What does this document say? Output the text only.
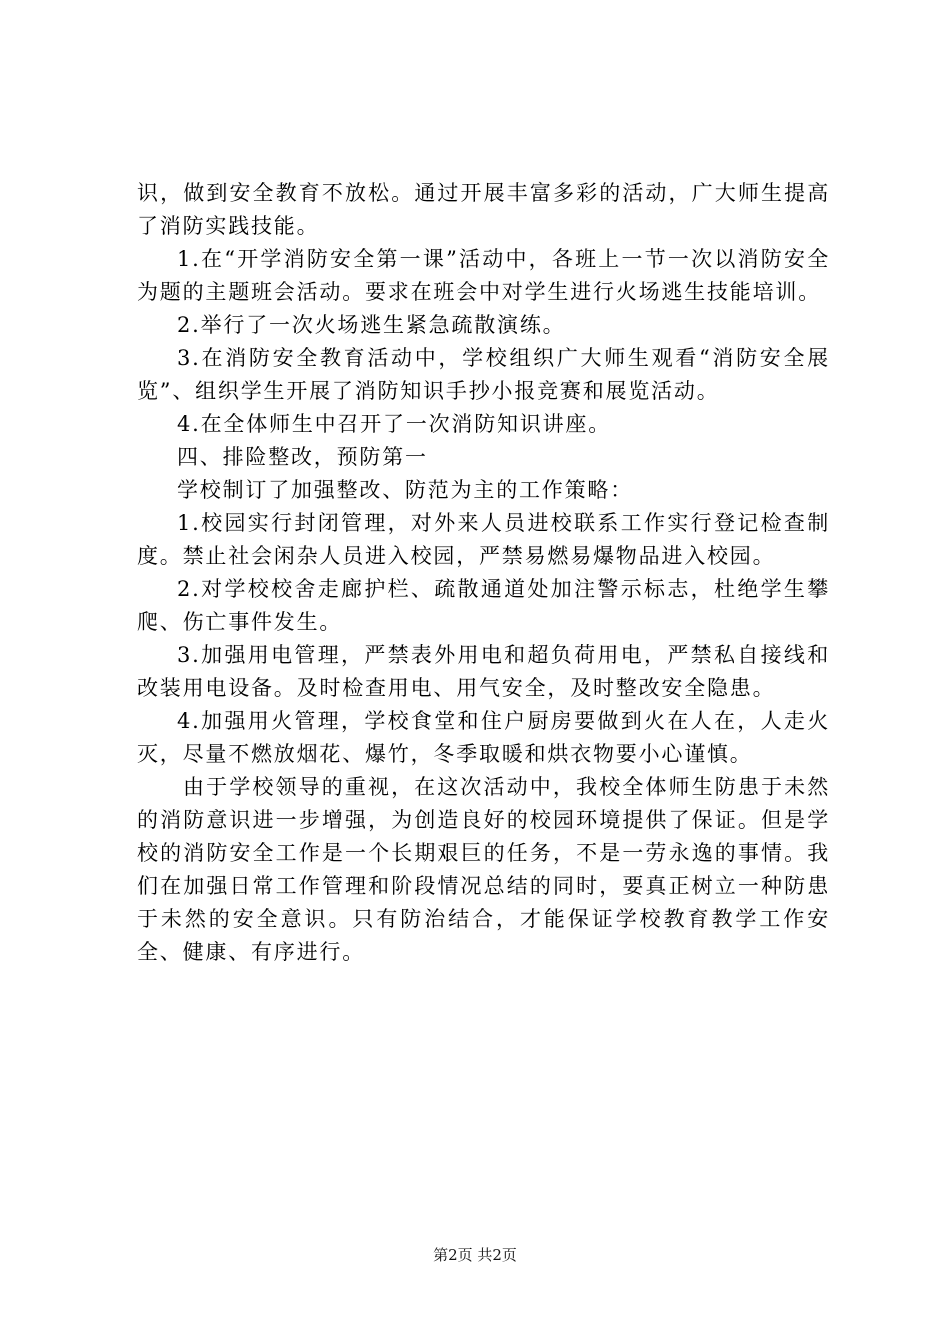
识，做到安全教育不放松。通过开展丰富多彩的活动，广大师生提高了消防实践技能。

1.在“开学消防安全第一课”活动中，各班上一节一次以消防安全为题的主题班会活动。要求在班会中对学生进行火场逃生技能培训。

2.举行了一次火场逃生紧急疏散演练。

3.在消防安全教育活动中，学校组织广大师生观看“消防安全展览”、组织学生开展了消防知识手抄小报竞赛和展览活动。

4.在全体师生中召开了一次消防知识讲座。

四、排险整改，预防第一

学校制订了加强整改、防范为主的工作策略：

1.校园实行封闭管理，对外来人员进校联系工作实行登记检查制度。禁止社会闲杂人员进入校园，严禁易燃易爆物品进入校园。

2.对学校校舍走廊护栏、疏散通道处加注警示标志，杜绝学生攀爬、伤亡事件发生。

3.加强用电管理，严禁表外用电和超负荷用电，严禁私自接线和改装用电设备。及时检查用电、用气安全，及时整改安全隐患。

4.加强用火管理，学校食堂和住户厨房要做到火在人在，人走火灭，尽量不燃放烟花、爆竹，冬季取暖和烘衣物要小心谨慎。

由于学校领导的重视，在这次活动中，我校全体师生防患于未然的消防意识进一步增强，为创造良好的校园环境提供了保证。但是学校的消防安全工作是一个长期艰巨的任务，不是一劳永逸的事情。我们在加强日常工作管理和阶段情况总结的同时，要真正树立一种防患于未然的安全意识。只有防治结合，才能保证学校教育教学工作安全、健康、有序进行。

第2页 共2页
